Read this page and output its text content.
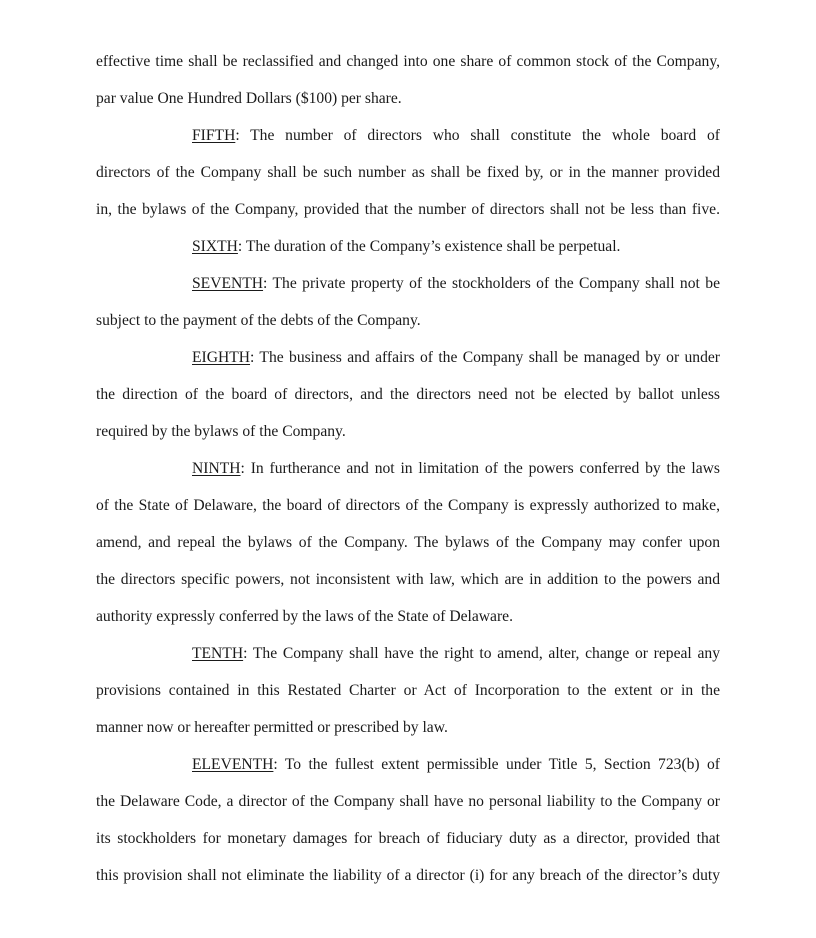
effective time shall be reclassified and changed into one share of common stock of the Company,

par value One Hundred Dollars ($100) per share.

FIFTH: The number of directors who shall constitute the whole board of

directors of the Company shall be such number as shall be fixed by, or in the manner provided

in, the bylaws of the Company, provided that the number of directors shall not be less than five.

SIXTH: The duration of the Company’s existence shall be perpetual.

SEVENTH: The private property of the stockholders of the Company shall not be

subject to the payment of the debts of the Company.

EIGHTH: The business and affairs of the Company shall be managed by or under

the direction of the board of directors, and the directors need not be elected by ballot unless

required by the bylaws of the Company.

NINTH: In furtherance and not in limitation of the powers conferred by the laws

of the State of Delaware, the board of directors of the Company is expressly authorized to make,

amend, and repeal the bylaws of the Company. The bylaws of the Company may confer upon

the directors specific powers, not inconsistent with law, which are in addition to the powers and

authority expressly conferred by the laws of the State of Delaware.

TENTH: The Company shall have the right to amend, alter, change or repeal any

provisions contained in this Restated Charter or Act of Incorporation to the extent or in the

manner now or hereafter permitted or prescribed by law.

ELEVENTH: To the fullest extent permissible under Title 5, Section 723(b) of

the Delaware Code, a director of the Company shall have no personal liability to the Company or

its stockholders for monetary damages for breach of fiduciary duty as a director, provided that

this provision shall not eliminate the liability of a director (i) for any breach of the director’s duty
